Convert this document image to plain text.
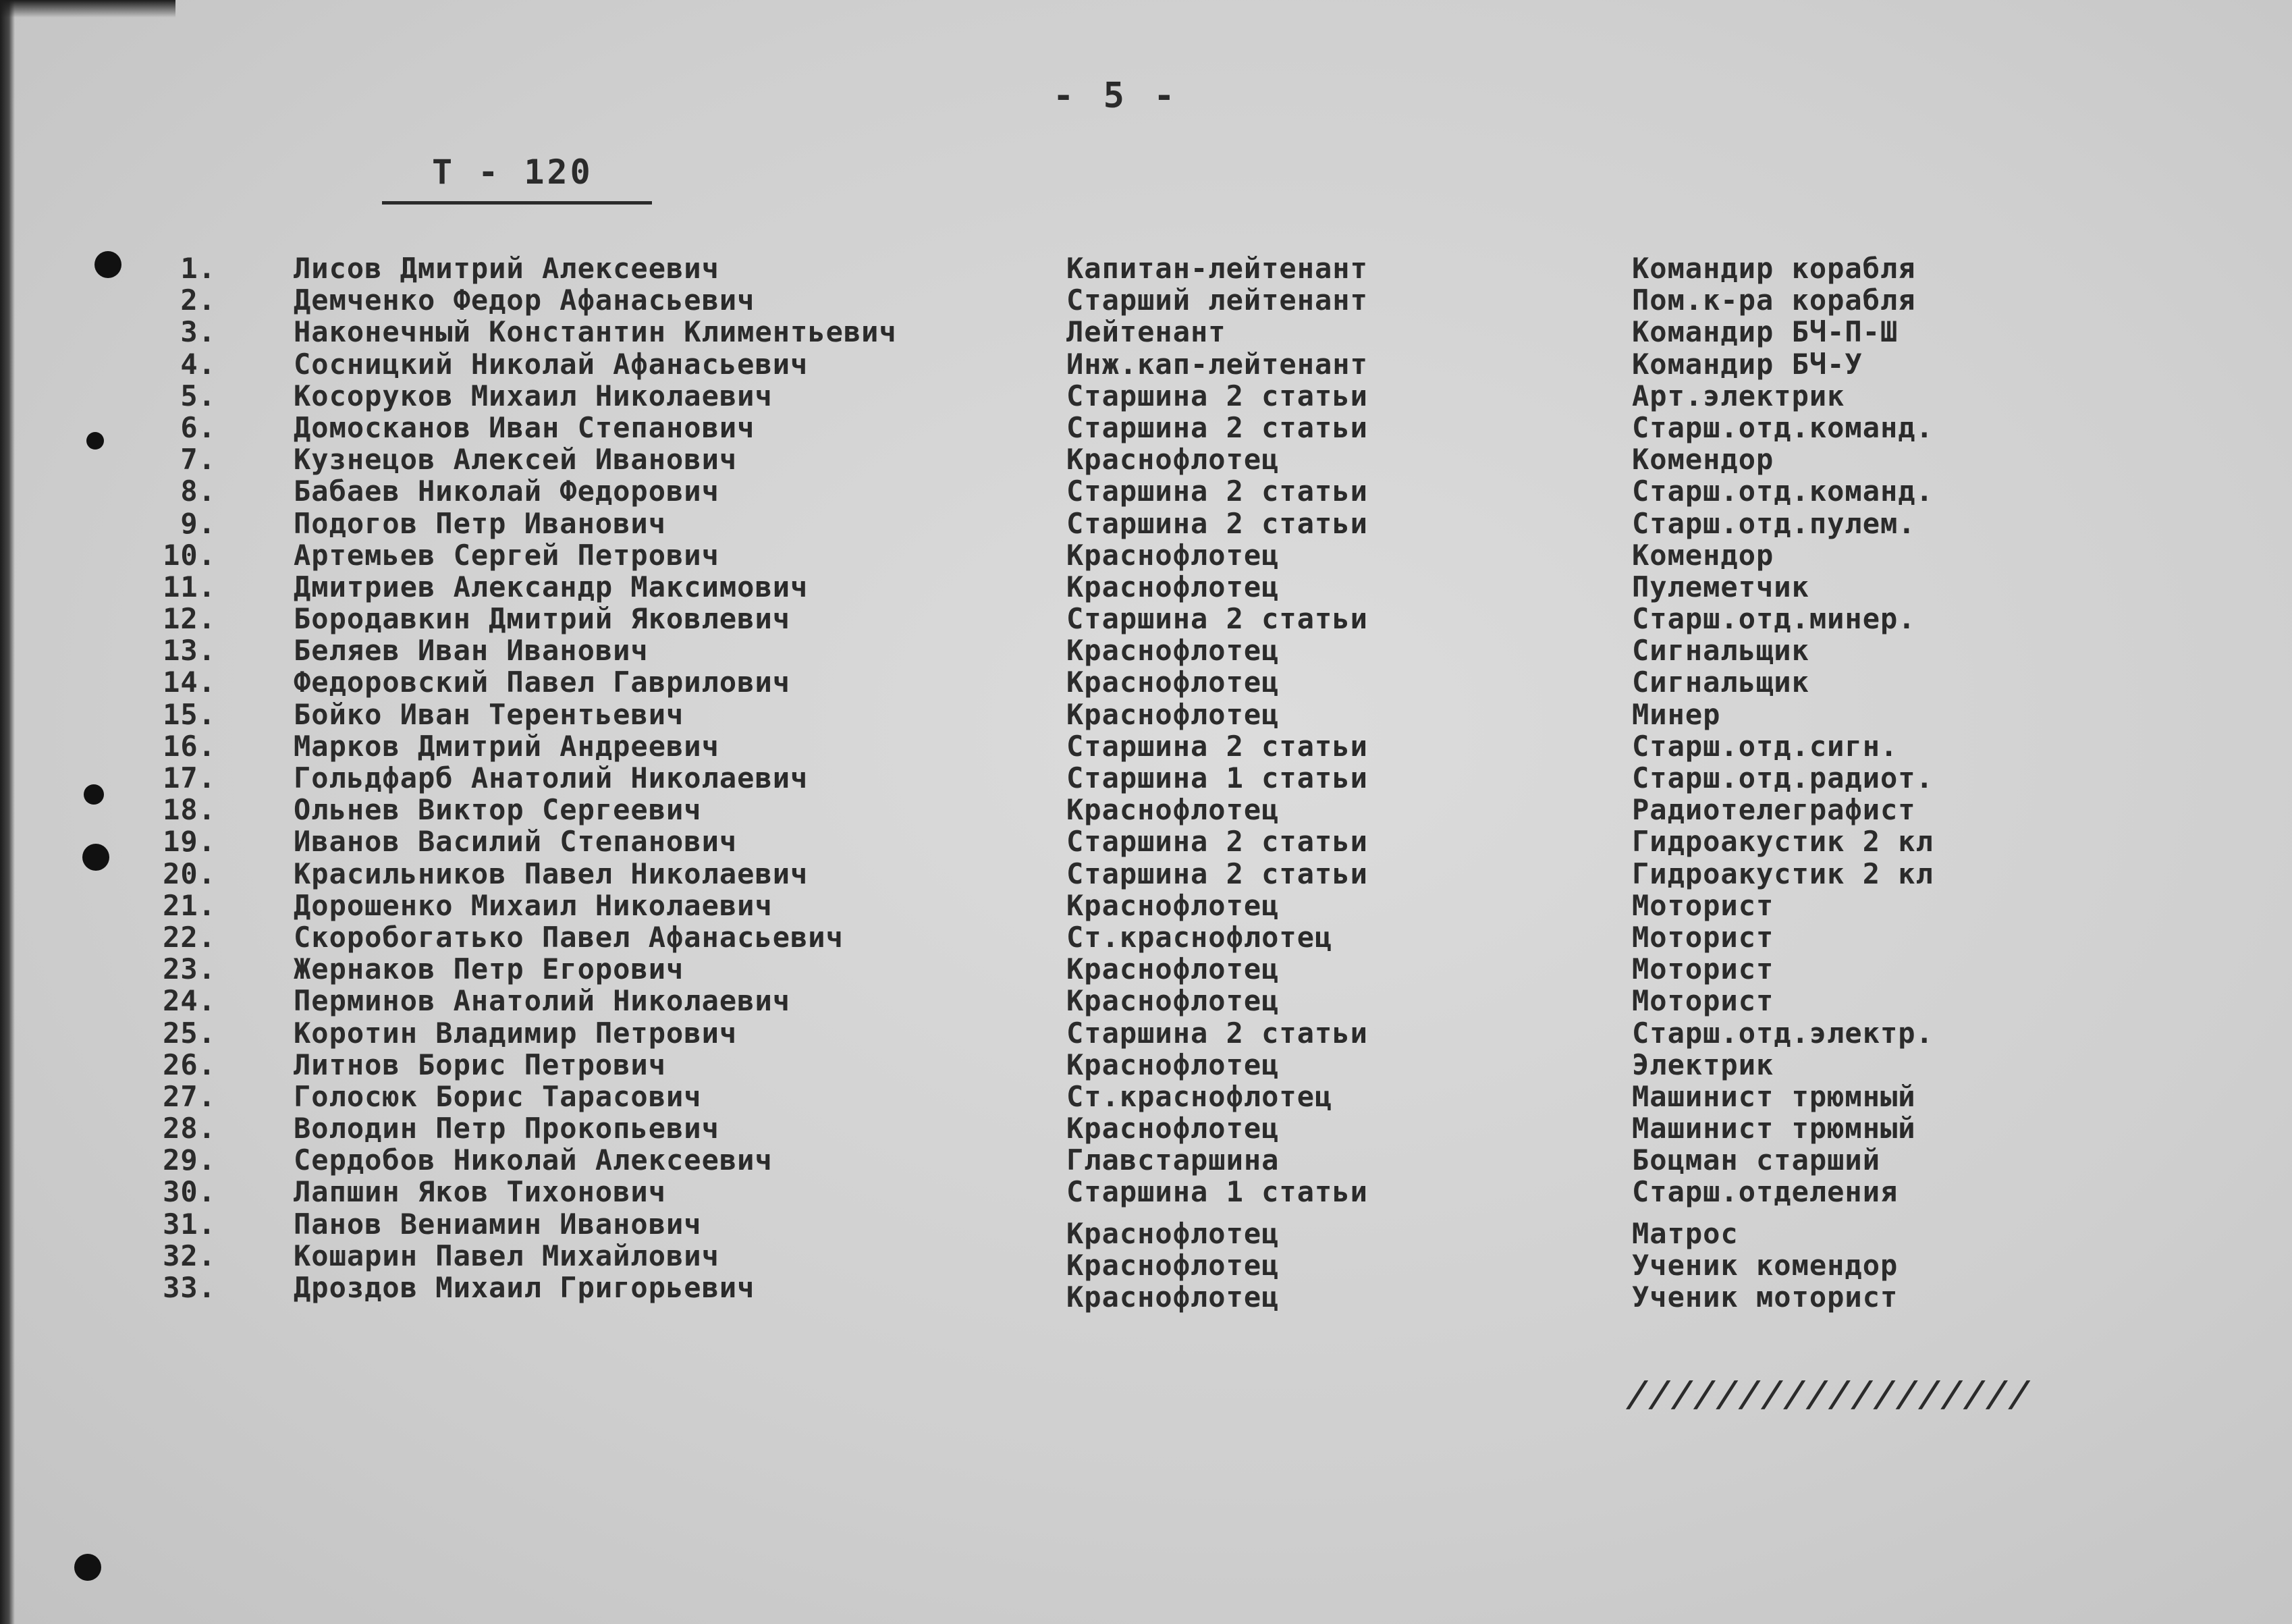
- 5 -
Т - 120
1.	Лисов Дмитрий Алексеевич	Капитан-лейтенант	Командир корабля
2.	Демченко Федор Афанасьевич	Старший лейтенант	Пом.к-ра корабля
3.	Наконечный Константин Климентьевич	Лейтенант	Командир БЧ-П-Ш
4.	Сосницкий Николай Афанасьевич	Инж.кап-лейтенант	Командир БЧ-У
5.	Косоруков Михаил Николаевич	Старшина 2 статьи	Арт.электрик
6.	Домосканов Иван Степанович	Старшина 2 статьи	Старш.отд.команд.
7.	Кузнецов Алексей Иванович	Краснофлотец	Комендор
8.	Бабаев Николай Федорович	Старшина 2 статьи	Старш.отд.команд.
9.	Подогов Петр Иванович	Старшина 2 статьи	Старш.отд.пулем.
10.	Артемьев Сергей Петрович	Краснофлотец	Комендор
11.	Дмитриев Александр Максимович	Краснофлотец	Пулеметчик
12.	Бородавкин Дмитрий Яковлевич	Старшина 2 статьи	Старш.отд.минер.
13.	Беляев Иван Иванович	Краснофлотец	Сигнальщик
14.	Федоровский Павел Гаврилович	Краснофлотец	Сигнальщик
15.	Бойко Иван Терентьевич	Краснофлотец	Минер
16.	Марков Дмитрий Андреевич	Старшина 2 статьи	Старш.отд.сигн.
17.	Гольдфарб Анатолий Николаевич	Старшина 1 статьи	Старш.отд.радиот.
18.	Ольнев Виктор Сергеевич	Краснофлотец	Радиотелеграфист
19.	Иванов Василий Степанович	Старшина 2 статьи	Гидроакустик 2 кл
20.	Красильников Павел Николаевич	Старшина 2 статьи	Гидроакустик 2 кл
21.	Дорошенко Михаил Николаевич	Краснофлотец	Моторист
22.	Скоробогатько Павел Афанасьевич	Ст.краснофлотец	Моторист
23.	Жернаков Петр Егорович	Краснофлотец	Моторист
24.	Перминов Анатолий Николаевич	Краснофлотец	Моторист
25.	Коротин Владимир Петрович	Старшина 2 статьи	Старш.отд.электр.
26.	Литнов Борис Петрович	Краснофлотец	Электрик
27.	Голосюк Борис Тарасович	Ст.краснофлотец	Машинист трюмный
28.	Володин Петр Прокопьевич	Краснофлотец	Машинист трюмный
29.	Сердобов Николай Алексеевич	Главстаршина	Боцман старший
30.	Лапшин Яков Тихонович	Старшина 1 статьи	Старш.отделения
31.	Панов Вениамин Иванович	Краснофлотец	Матрос
32.	Кошарин Павел Михайлович	Краснофлотец	Ученик комендор
33.	Дроздов Михаил Григорьевич	Краснофлотец	Ученик моторист
//////////////////
